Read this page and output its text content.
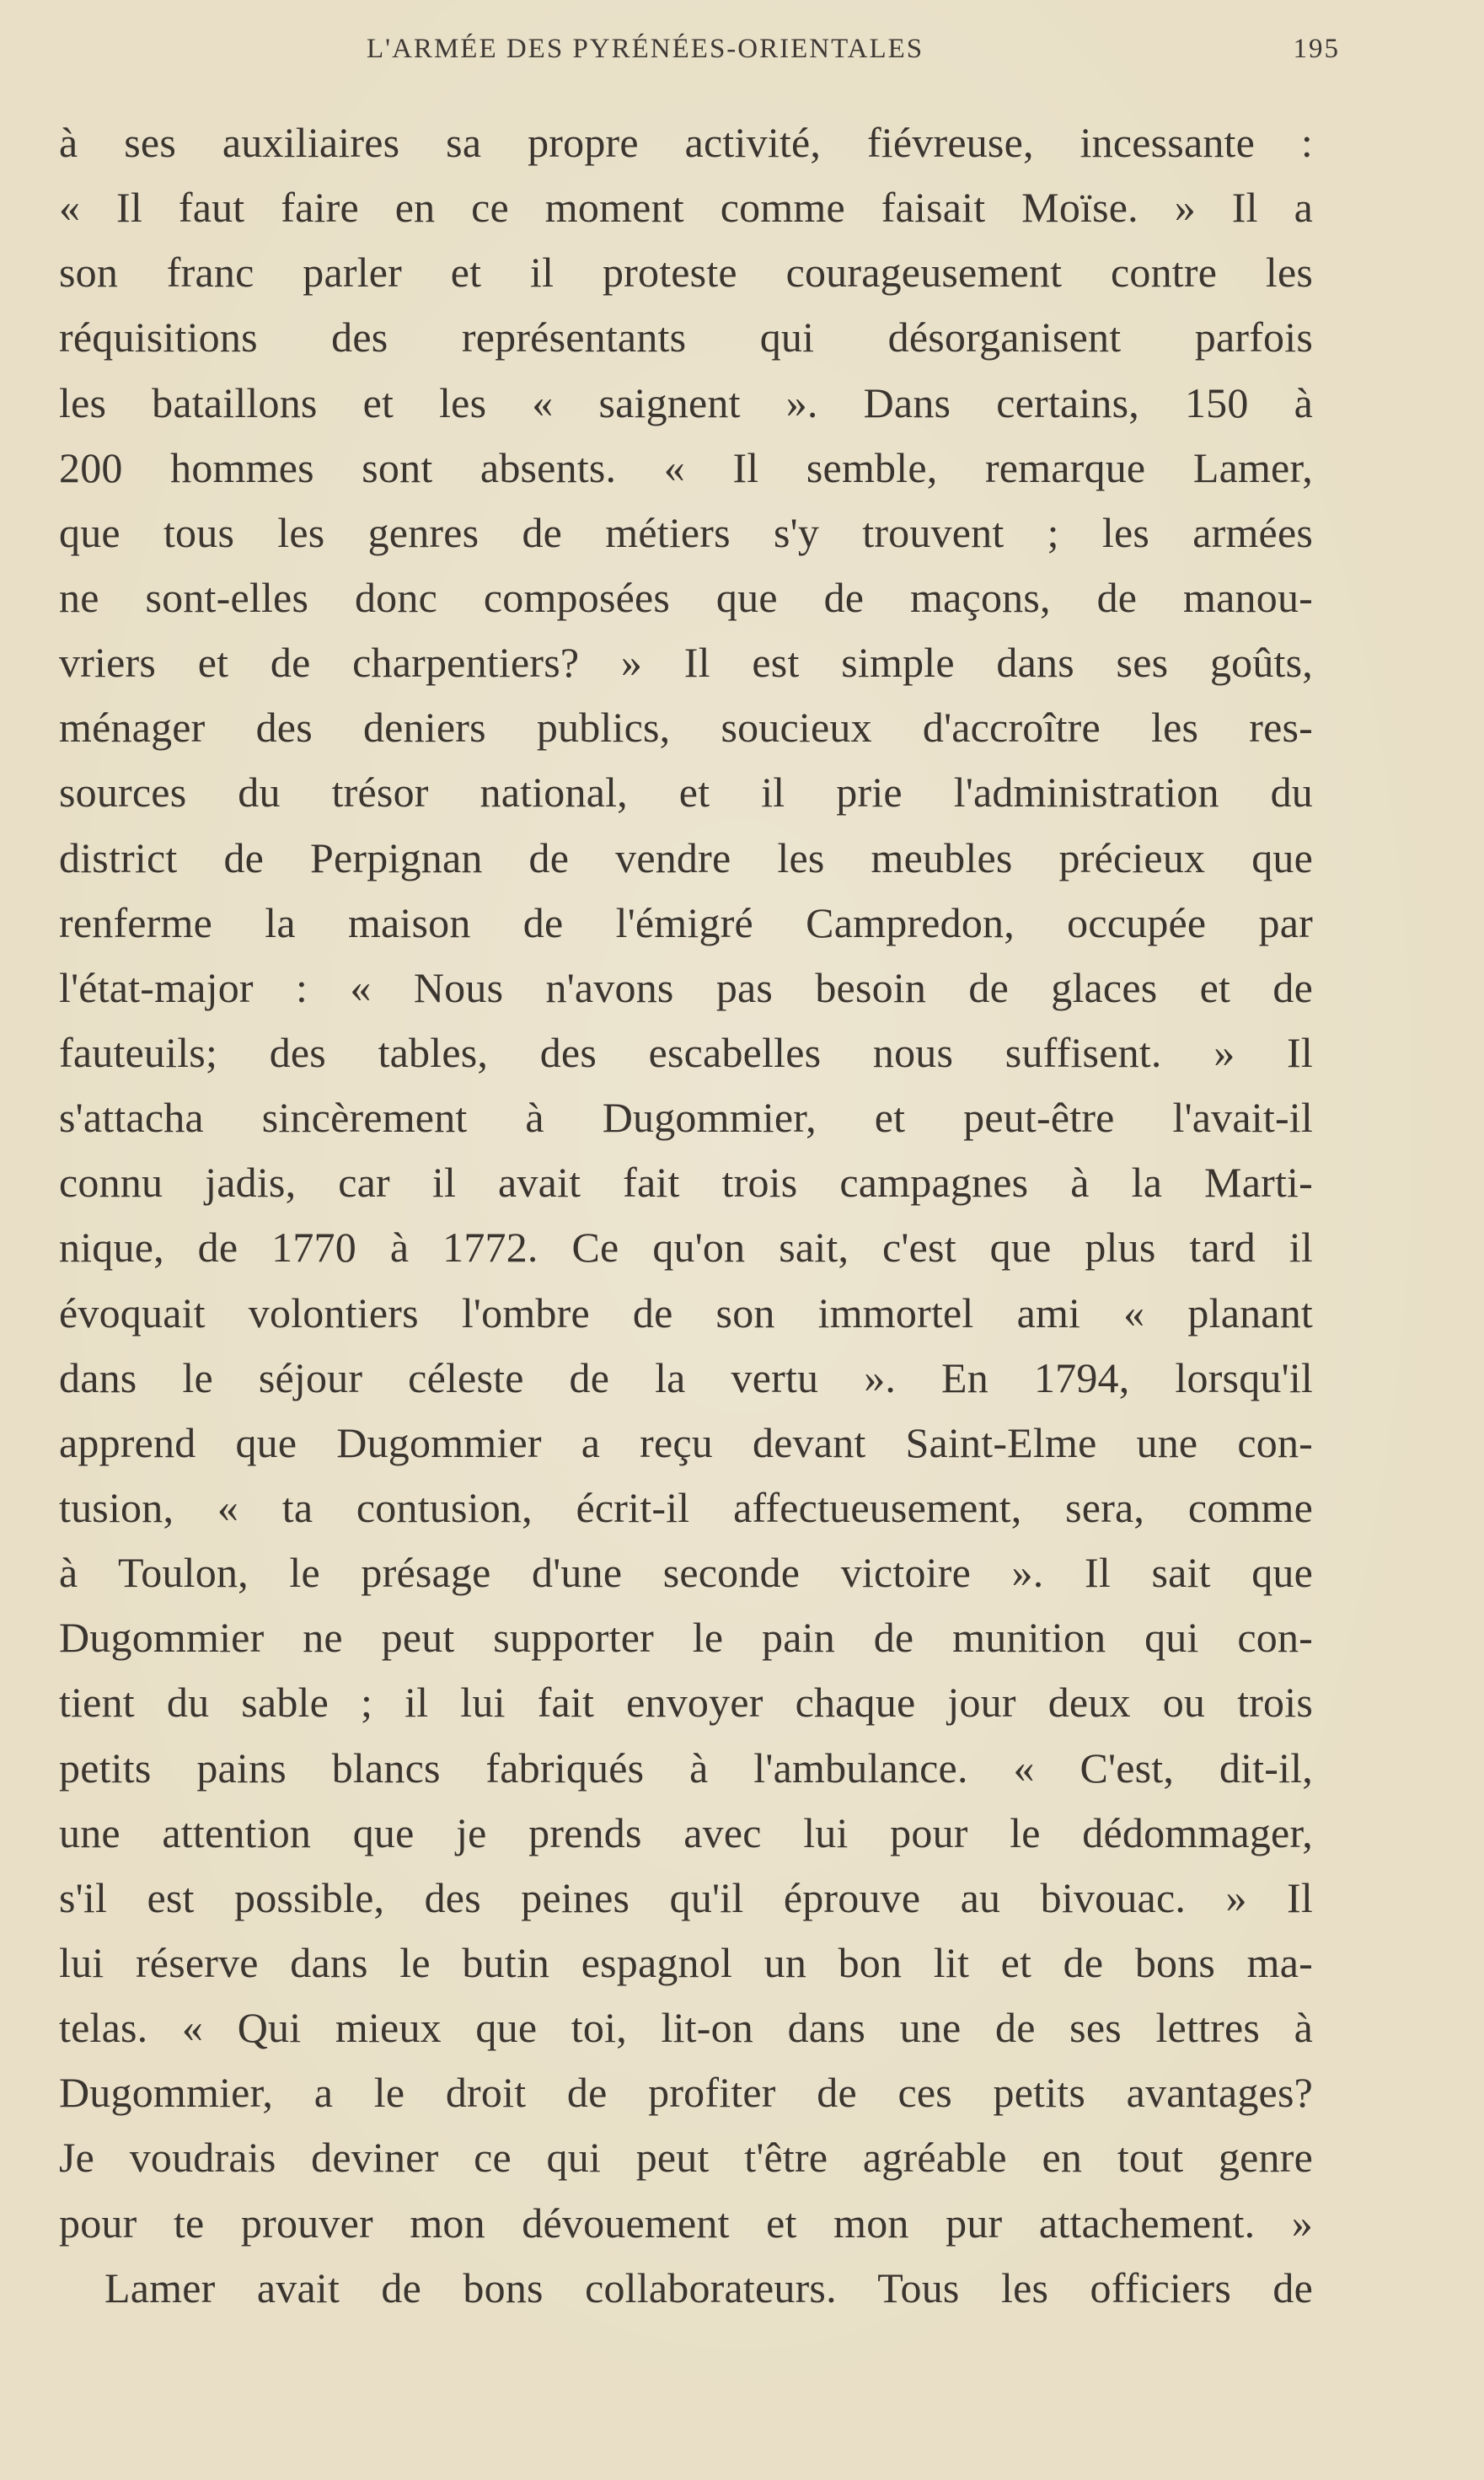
L'ARMÉE DES PYRÉNÉES-ORIENTALES	195
à ses auxiliaires sa propre activité, fiévreuse, incessante :
« Il faut faire en ce moment comme faisait Moïse. » Il a
son franc parler et il proteste courageusement contre les
réquisitions des représentants qui désorganisent parfois
les bataillons et les « saignent ». Dans certains, 150 à
200 hommes sont absents. « Il semble, remarque Lamer,
que tous les genres de métiers s'y trouvent ; les armées
ne sont-elles donc composées que de maçons, de manou-
vriers et de charpentiers? » Il est simple dans ses goûts,
ménager des deniers publics, soucieux d'accroître les res-
sources du trésor national, et il prie l'administration du
district de Perpignan de vendre les meubles précieux que
renferme la maison de l'émigré Campredon, occupée par
l'état-major : « Nous n'avons pas besoin de glaces et de
fauteuils; des tables, des escabelles nous suffisent. » Il
s'attacha sincèrement à Dugommier, et peut-être l'avait-il
connu jadis, car il avait fait trois campagnes à la Marti-
nique, de 1770 à 1772. Ce qu'on sait, c'est que plus tard il
évoquait volontiers l'ombre de son immortel ami « planant
dans le séjour céleste de la vertu ». En 1794, lorsqu'il
apprend que Dugommier a reçu devant Saint-Elme une con-
tusion, « ta contusion, écrit-il affectueusement, sera, comme
à Toulon, le présage d'une seconde victoire ». Il sait que
Dugommier ne peut supporter le pain de munition qui con-
tient du sable ; il lui fait envoyer chaque jour deux ou trois
petits pains blancs fabriqués à l'ambulance. « C'est, dit-il,
une attention que je prends avec lui pour le dédommager,
s'il est possible, des peines qu'il éprouve au bivouac. » Il
lui réserve dans le butin espagnol un bon lit et de bons ma-
telas. « Qui mieux que toi, lit-on dans une de ses lettres à
Dugommier, a le droit de profiter de ces petits avantages?
Je voudrais deviner ce qui peut t'être agréable en tout genre
pour te prouver mon dévouement et mon pur attachement. »
Lamer avait de bons collaborateurs. Tous les officiers de
